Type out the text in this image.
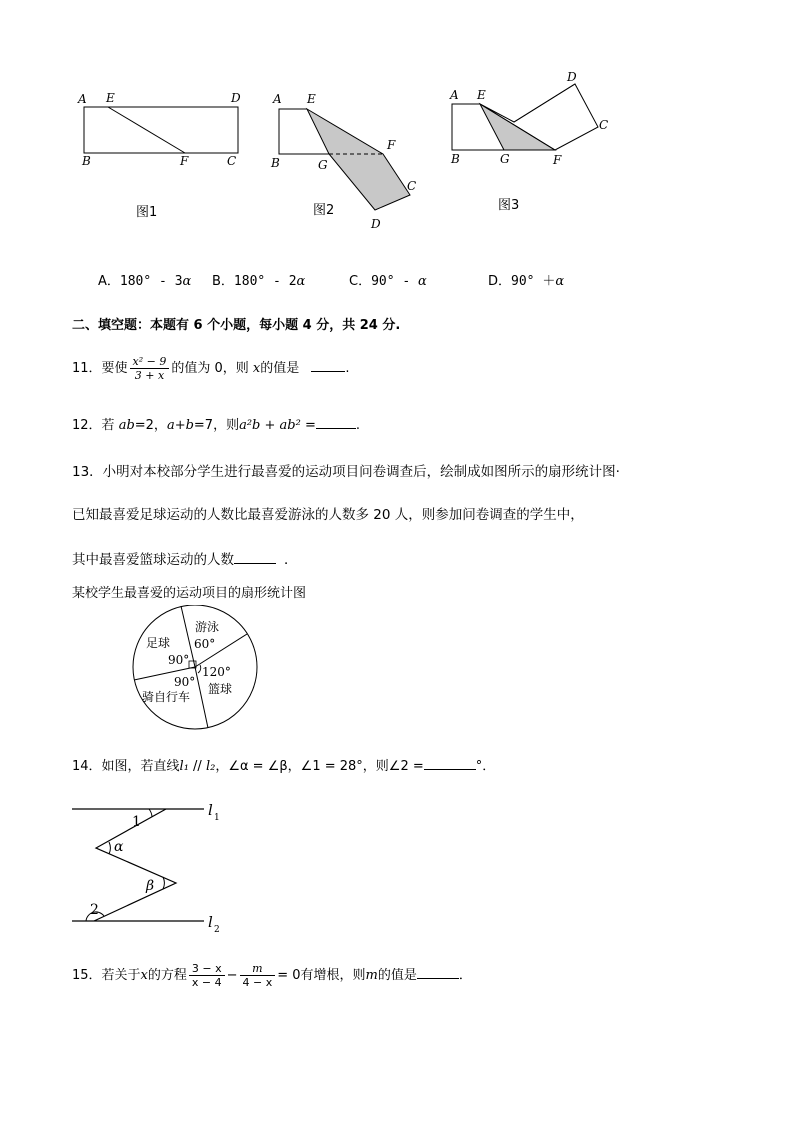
A E	D
B	F	C
图1
A E
F
B	G
C
D
图2
A E
D
C
B	G	F
图3
A．180° - 3α B．180° - 2α	C．90° - α	D．90° ＋α
二、填空题：本题有 6 个小题，每小题 4 分，共 24 分.
11．要使 $\frac{\text{x² − 9}}{3 + x}$ 的值为 0，则 x的值是	.
12．若 ab=2，a+b=7，则a²b + ab² =	.
13．小明对本校部分学生进行最喜爱的运动项目问卷调查后，绘制成如图所示的扇形统计图·
已知最喜爱足球运动的人数比最喜爱游泳的人数多 20 人，则参加问卷调查的学生中，
其中最喜爱篮球运动的人数	．
某校学生最喜爱的运动项目的扇形统计图
足球
90°
游泳
60°
120°
篮球
90°
骑自行车
14．如图，若直线l₁ // l₂，∠α = ∠β，∠1 = 28°，则∠2 =	°．
1
α
β
2
l 1
l 2
15．若关于x的方程 $\frac{3 - x}{x - 4} - \frac{m}{4 - x} = 0$有增根，则m的值是	．
